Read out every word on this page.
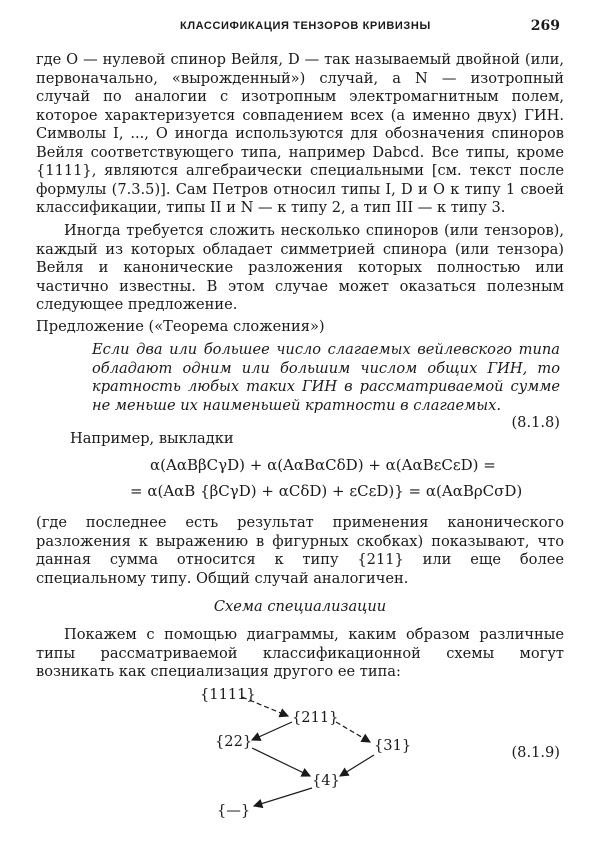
КЛАССИФИКАЦИЯ ТЕНЗОРОВ КРИВИЗНЫ	269

где O — нулевой спинор Вейля, D — так называемый двойной (или, первоначально, «вырожденный») случай, а N — изотропный случай по аналогии с изотропным электромагнитным полем, которое характеризуется совпадением всех (а именно двух) ГИН. Символы I, ..., O иногда используются для обозначения спиноров Вейля соответствующего типа, например Dabcd. Все типы, кроме {1111}, являются алгебраически специальными [см. текст после формулы (7.3.5)]. Сам Петров относил типы I, D и O к типу 1 своей классификации, типы II и N — к типу 2, а тип III — к типу 3.

Иногда требуется сложить несколько спиноров (или тензоров), каждый из которых обладает симметрией спинора (или тензора) Вейля и канонические разложения которых полностью или частично известны. В этом случае может оказаться полезным следующее предложение.

Предложение («Теорема сложения»)

Если два или большее число слагаемых вейлевского типа обладают одним или большим числом общих ГИН, то кратность любых таких ГИН в рассматриваемой сумме не меньше их наименьшей кратности в слагаемых.

(8.1.8)
Например, выкладки
α(AαBβCγD) + α(AαBαCδD) + α(AαBεCεD) =
= α(AαB {βCγD) + αCδD) + εCεD)} = α(AαBρCσD)

(где последнее есть результат применения канонического разложения к выражению в фигурных скобках) показывают, что данная сумма относится к типу {211} или еще более специальному типу. Общий случай аналогичен.

Схема специализации

Покажем с помощью диаграммы, каким образом различные типы рассматриваемой классификационной схемы могут возникать как специализация другого ее типа:

{1111}
{211}
{22}	{31}
{4}
{—}
(8.1.9)
